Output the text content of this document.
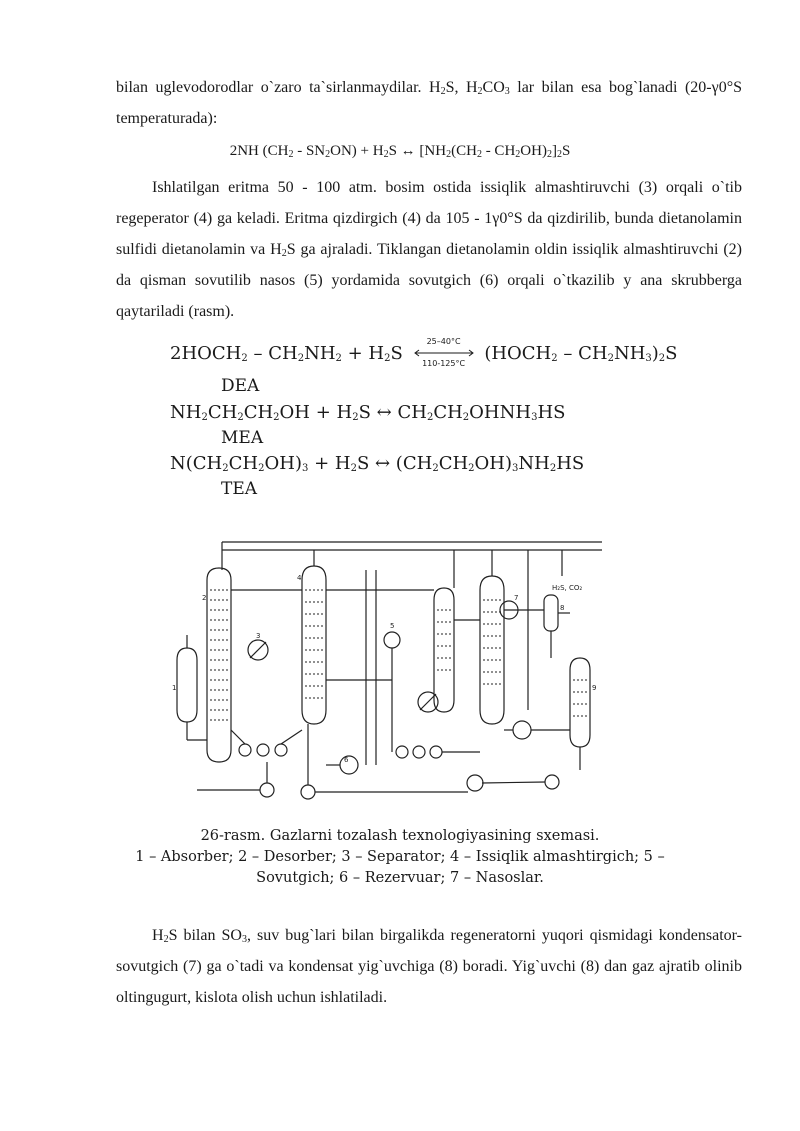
bilan uglevodorodlar o`zaro ta`sirlanmaydilar. $H_2S$, $H_2CO_3$ lar bilan esa bog`lanadi (20-γ0°S temperaturada):

2NH $(CH_2 - SN_2ON) + H_2S$ ↔ $[NH_2(CH_2 - CH_2OH)_2]_2S$

Ishlatilgan eritma 50 - 100 atm. bosim ostida issiqlik almashtiruvchi (3) orqali o`tib regeperator (4) ga keladi. Eritma qizdirgich (4) da 105 - 1γ0°S da qizdirilib, bunda dietanolamin sulfidi dietanolamin va $H_2S$ ga ajraladi. Tiklangan dietanolamin oldin issiqlik almashtiruvchi (2) da qisman sovutilib nasos (5) yordamida sovutgich (6) orqali o`tkazilib y ana skrubberga qaytariladi (rasm).

$2HOCH_2 - CH_2NH_2 + H_2S$
25–40°C
110-125°C	$(HOCH_2 - CH_2NH_3)_2S$
DEA
$NH_2CH_2CH_2OH + H_2S$ ↔ $CH_2CH_2OHNH_3HS$
MEA
$N(CH_2CH_2OH)_3 + H_2S$ ↔ $(CH_2CH_2OH)_3NH_2HS$
TEA
H₂S, CO₂
1
2
3
4
5
6
7
8
9
26-rasm. Gazlarni tozalash texnologiyasining sxemasi.
1 – Absorber; 2 – Desorber; 3 – Separator; 4 – Issiqlik almashtirgich; 5 –
Sovutgich; 6 – Rezervuar; 7 – Nasoslar.

$H_2S$ bilan $SO_3$, suv bug`lari bilan birgalikda regeneratorni yuqori qismidagi kondensator-sovutgich (7) ga o`tadi va kondensat yig`uvchiga (8) boradi. Yig`uvchi (8) dan gaz ajratib olinib oltingugurt, kislota olish uchun ishlatiladi.
